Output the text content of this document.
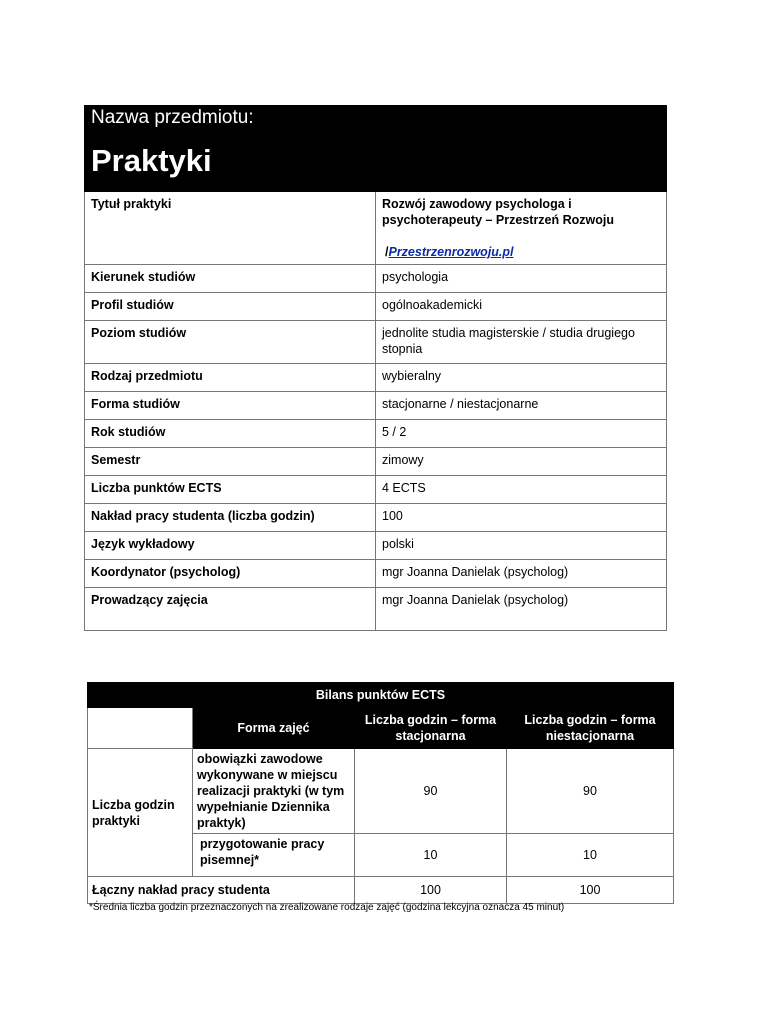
Nazwa przedmiotu:	
Praktyki	
Tytuł praktyki	Rozwój zawodowy psychologa i
psychoterapeuty – Przestrzeń Rozwoju
/Przestrzenrozwoju.pl

Kierunek studiów	psychologia
Profil studiów	ogólnoakademicki
Poziom studiów	jednolite studia magisterskie / studia drugiego stopnia
Rodzaj przedmiotu	wybieralny
Forma studiów	stacjonarne / niestacjonarne
Rok studiów	5 / 2
Semestr	zimowy
Liczba punktów ECTS	4 ECTS
Nakład pracy studenta (liczba godzin)	100
Język wykładowy	polski
Koordynator (psycholog)	mgr Joanna Danielak (psycholog)
Prowadzący zajęcia	mgr Joanna Danielak (psycholog)
Bilans punktów ECTS			
	Forma zajęć	Liczba godzin – forma stacjonarna	Liczba godzin – forma niestacjonarna
Liczba godzin praktyki	obowiązki zawodowe wykonywane w miejscu realizacji praktyki (w tym wypełnianie Dziennika praktyk)	90	90
	przygotowanie pracy pisemnej*	10	10
Łączny nakład pracy studenta		100	100
*Średnia liczba godzin przeznaczonych na zrealizowane rodzaje zajęć (godzina lekcyjna oznacza 45 minut)
